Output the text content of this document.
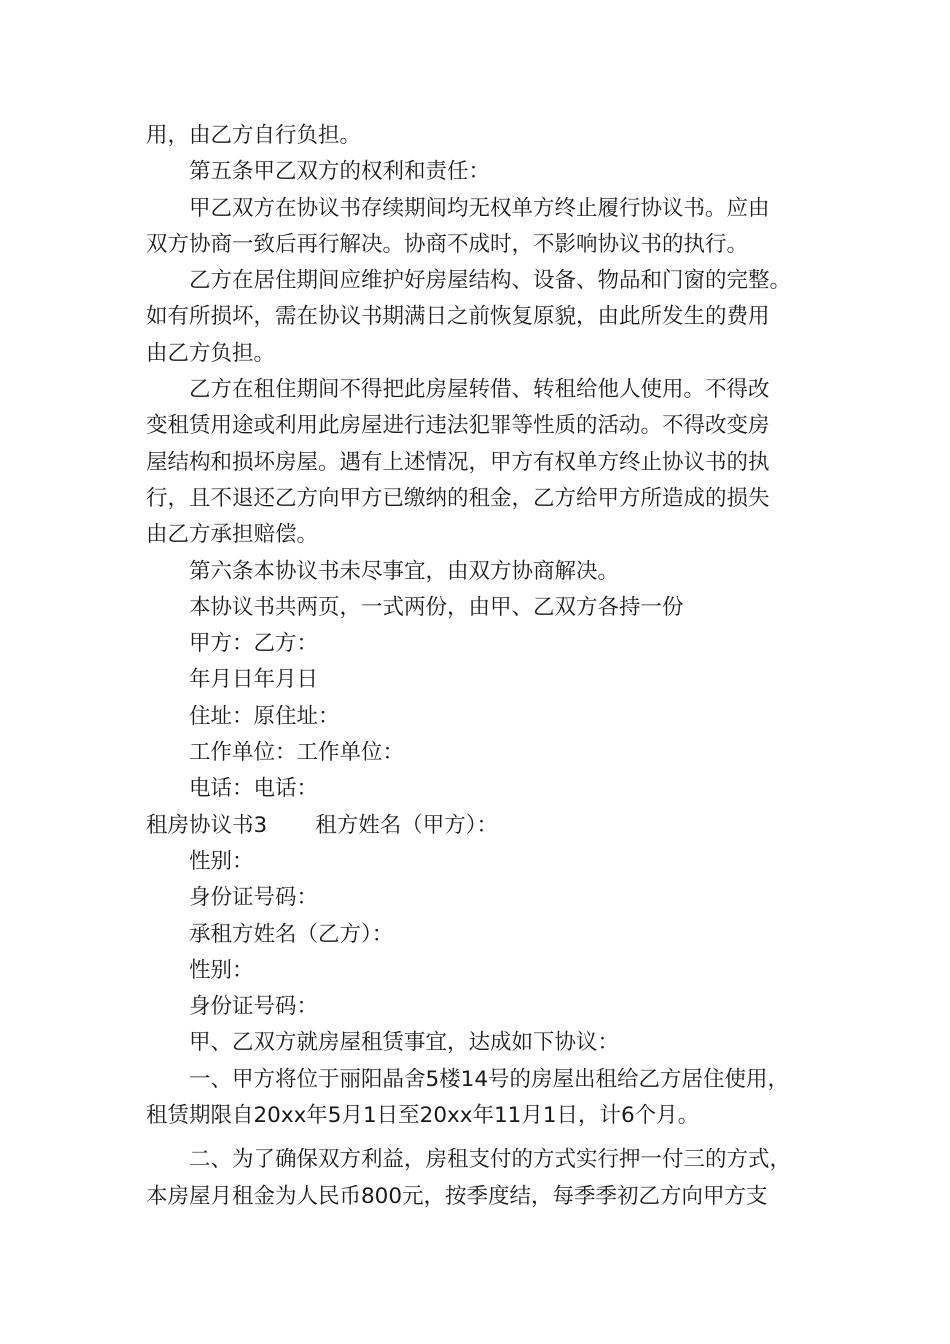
用，由乙方自行负担。
第五条甲乙双方的权利和责任：
甲乙双方在协议书存续期间均无权单方终止履行协议书。应由
双方协商一致后再行解决。协商不成时，不影响协议书的执行。
乙方在居住期间应维护好房屋结构、设备、物品和门窗的完整。
如有所损坏，需在协议书期满日之前恢复原貌，由此所发生的费用
由乙方负担。
乙方在租住期间不得把此房屋转借、转租给他人使用。不得改
变租赁用途或利用此房屋进行违法犯罪等性质的活动。不得改变房
屋结构和损坏房屋。遇有上述情况，甲方有权单方终止协议书的执
行，且不退还乙方向甲方已缴纳的租金，乙方给甲方所造成的损失
由乙方承担赔偿。
第六条本协议书未尽事宜，由双方协商解决。
本协议书共两页，一式两份，由甲、乙双方各持一份
甲方：乙方：
年月日年月日
住址：原住址：
工作单位：工作单位：
电话：电话：
租房协议书3 租方姓名（甲方）：
性别：
身份证号码：
承租方姓名（乙方）：
性别：
身份证号码：
甲、乙双方就房屋租赁事宜，达成如下协议：
一、甲方将位于丽阳晶舍5楼14号的房屋出租给乙方居住使用，
租赁期限自20xx年5月1日至20xx年11月1日，计6个月。
二、为了确保双方利益，房租支付的方式实行押一付三的方式，
本房屋月租金为人民币800元，按季度结，每季季初乙方向甲方支
